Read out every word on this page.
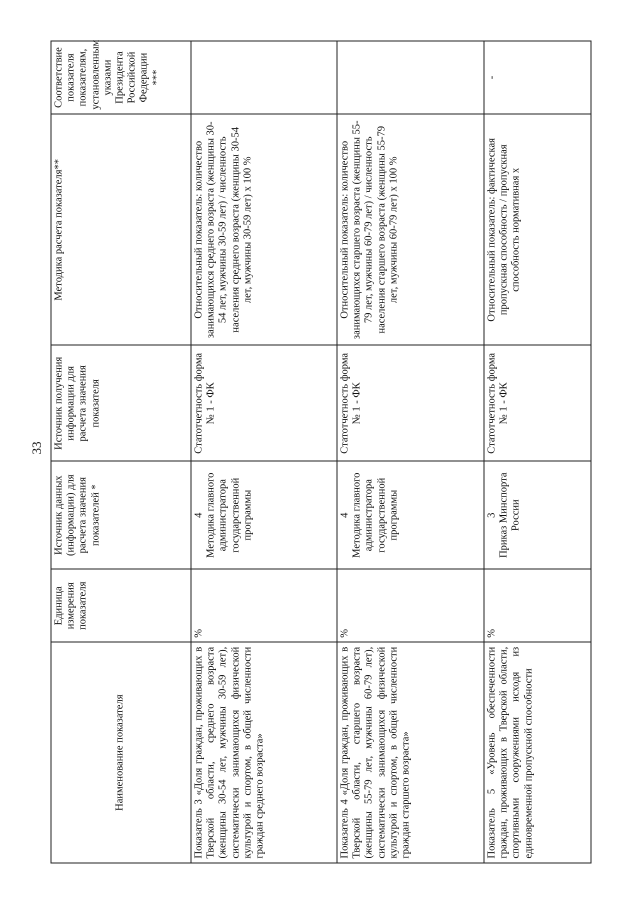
33
Наименование показателя	Единица измерения показателя	Источник данных (информации) для расчета значения показателей *	Источник получения информации для расчета значения показателя	Методика расчета показателя**	Соответствие показателя показателям, установленным указами Президента Российской Федерации ***
Показатель 3 «Доля граждан, проживающих в Тверской области, среднего возраста (женщины 30-54 лет, мужчины 30-59 лет), систематически занимающихся физической культурой и спортом, в общей численности граждан среднего возраста»	%	4 Методика главного администратора государственной программы	Статотчетность форма № 1 - ФК	Относительный показатель: количество занимающихся среднего возраста (женщины 30-54 лет, мужчины 30-59 лет) / численность населения среднего возраста (женщины 30-54 лет, мужчины 30-59 лет) х 100 %	
Показатель 4 «Доля граждан, проживающих в Тверской области, старшего возраста (женщины 55-79 лет, мужчины 60-79 лет), систематически занимающихся физической культурой и спортом, в общей численности граждан старшего возраста»	%	4 Методика главного администратора государственной программы	Статотчетность форма № 1 - ФК	Относительный показатель: количество занимающихся старшего возраста (женщины 55-79 лет, мужчины 60-79 лет) / численность населения старшего возраста (женщины 55-79 лет, мужчины 60-79 лет) х 100 %	
Показатель 5 «Уровень обеспеченности граждан, проживающих в Тверской области, спортивными сооружениями исходя из единовременной пропускной способности	%	3 Приказ Минспорта России	Статотчетность форма № 1 - ФК	Относительный показатель: фактическая пропускная способность / пропускная способность нормативная х	-
